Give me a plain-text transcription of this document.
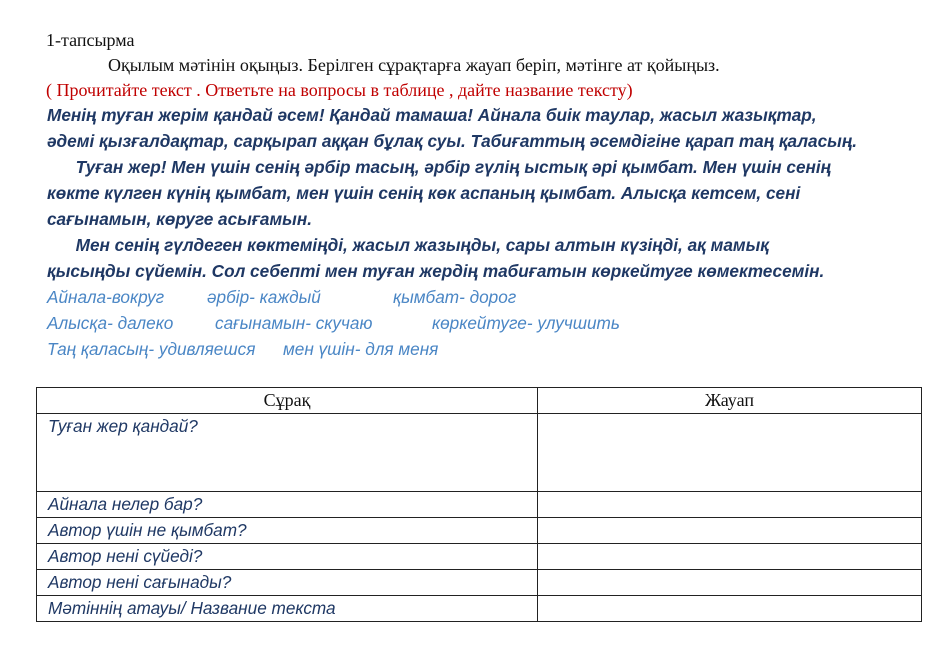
1-тапсырма
Оқылым мәтінін оқыңыз. Берілген сұрақтарға жауап беріп, мәтінге ат қойыңыз.
( Прочитайте текст . Ответьте на вопросы в таблице , дайте название тексту)
Менің туған жерім қандай әсем! Қандай тамаша! Айнала биік таулар, жасыл жазықтар,
әдемі қызғалдақтар, сарқырап аққан бұлақ суы. Табиғаттың әсемдігіне қарап таң қаласың.
Туған жер! Мен үшін сенің әрбір тасың, әрбір гүлің ыстық әрі қымбат. Мен үшін сенің
көкте күлген күнің қымбат, мен үшін сенің көк аспаның қымбат. Алысқа кетсем, сені
сағынамын, көруге асығамын.
Мен сенің гүлдеген көктеміңді, жасыл жазыңды, сары алтын күзіңді, ақ мамық
қысыңды сүйемін. Сол себепті мен туған жердің табиғатын көркейтуге көмектесемін.
Айнала-вокруг әрбір- каждый	қымбат- дорог
Алысқа- далеко сағынамын- скучаю	көркейтуге- улучшить
Таң қаласың- удивляешся мен үшін- для меня
Сұрақ	Жауап
Туған жер қандай?	
Айнала нелер бар?	
Автор үшін не қымбат?	
Автор нені сүйеді?	
Автор нені сағынады?	
Мәтіннің атауы/ Название текста	
